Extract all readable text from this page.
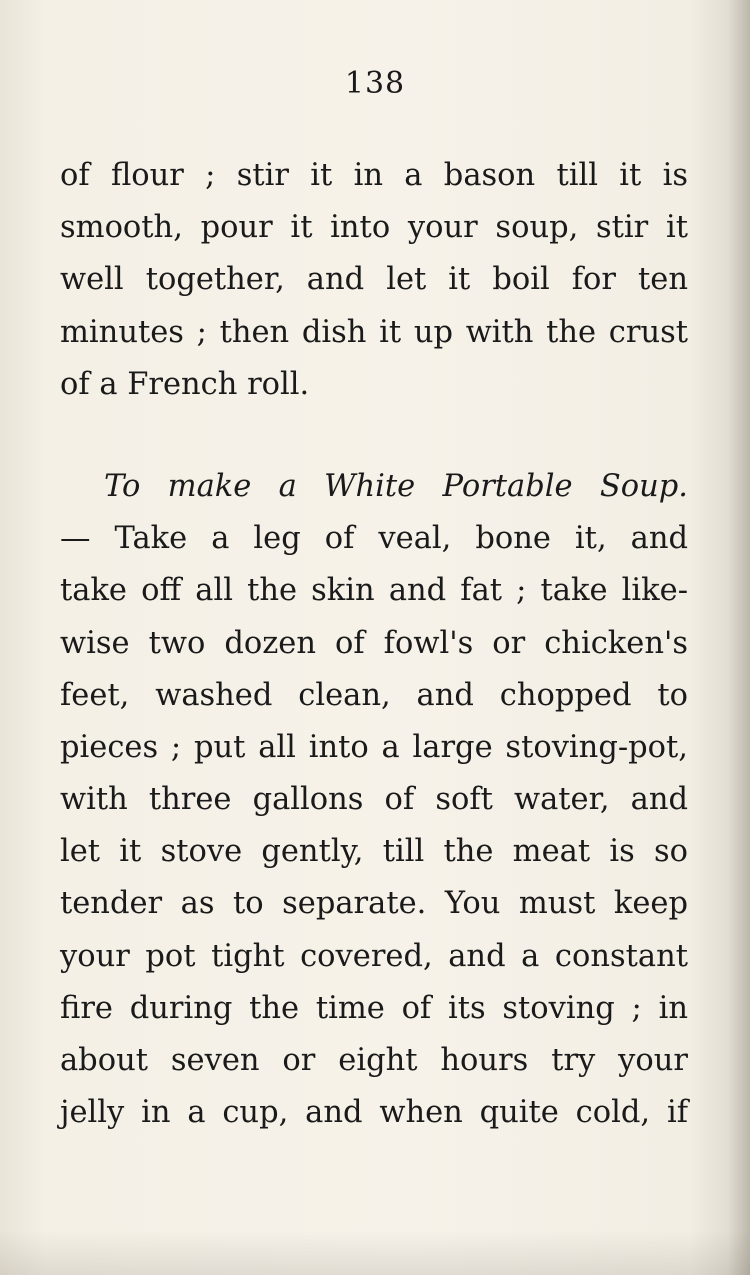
138
of flour ; stir it in a bason till it is
smooth, pour it into your soup, stir it
well together, and let it boil for ten
minutes ; then dish it up with the crust
of a French roll.
To make a White Portable Soup.
— Take a leg of veal, bone it, and
take off all the skin and fat ; take like-
wise two dozen of fowl's or chicken's
feet, washed clean, and chopped to
pieces ; put all into a large stoving-pot,
with three gallons of soft water, and
let it stove gently, till the meat is so
tender as to separate. You must keep
your pot tight covered, and a constant
fire during the time of its stoving ; in
about seven or eight hours try your
jelly in a cup, and when quite cold, if
